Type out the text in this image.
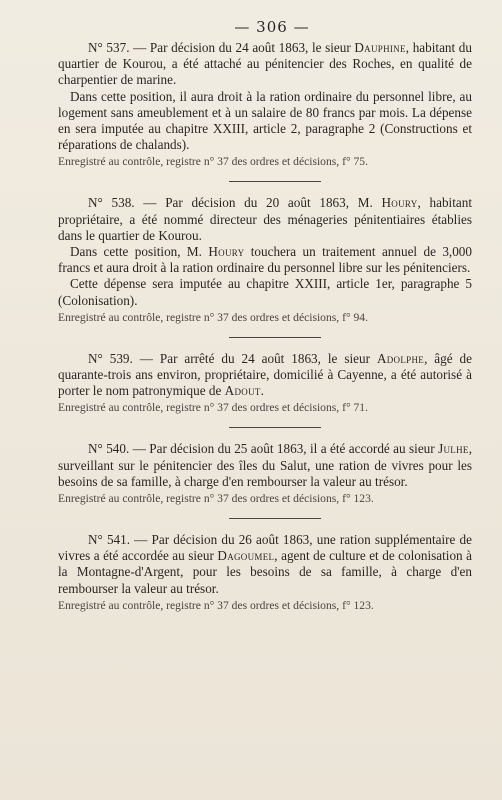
— 306 —

N° 537. — Par décision du 24 août 1863, le sieur Dauphine, habitant du quartier de Kourou, a été attaché au pénitencier des Roches, en qualité de charpentier de marine.

Dans cette position, il aura droit à la ration ordinaire du personnel libre, au logement sans ameublement et à un salaire de 80 francs par mois. La dépense en sera imputée au chapitre XXIII, article 2, paragraphe 2 (Constructions et réparations de chalands).

Enregistré au contrôle, registre n° 37 des ordres et décisions, f° 75.

N° 538. — Par décision du 20 août 1863, M. Houry, habitant propriétaire, a été nommé directeur des ménageries pénitentiaires établies dans le quartier de Kourou.

Dans cette position, M. Houry touchera un traitement annuel de 3,000 francs et aura droit à la ration ordinaire du personnel libre sur les pénitenciers.

Cette dépense sera imputée au chapitre XXIII, article 1er, paragraphe 5 (Colonisation).

Enregistré au contrôle, registre n° 37 des ordres et décisions, f° 94.

N° 539. — Par arrêté du 24 août 1863, le sieur Adolphe, âgé de quarante-trois ans environ, propriétaire, domicilié à Cayenne, a été autorisé à porter le nom patronymique de Adout.

Enregistré au contrôle, registre n° 37 des ordres et décisions, f° 71.

N° 540. — Par décision du 25 août 1863, il a été accordé au sieur Julhe, surveillant sur le pénitencier des îles du Salut, une ration de vivres pour les besoins de sa famille, à charge d'en rembourser la valeur au trésor.

Enregistré au contrôle, registre n° 37 des ordres et décisions, f° 123.

N° 541. — Par décision du 26 août 1863, une ration supplémentaire de vivres a été accordée au sieur Dagoumel, agent de culture et de colonisation à la Montagne-d'Argent, pour les besoins de sa famille, à charge d'en rembourser la valeur au trésor.

Enregistré au contrôle, registre n° 37 des ordres et décisions, f° 123.
